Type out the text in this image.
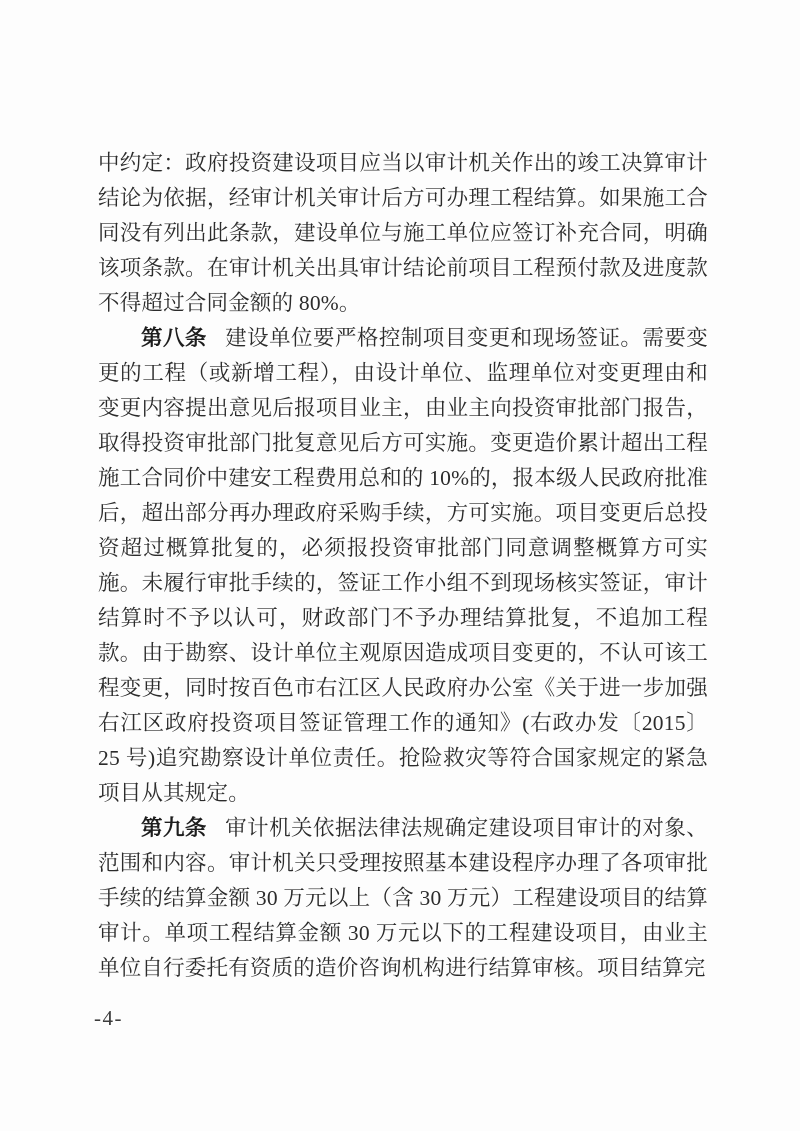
中约定：政府投资建设项目应当以审计机关作出的竣工决算审计结论为依据，经审计机关审计后方可办理工程结算。如果施工合同没有列出此条款，建设单位与施工单位应签订补充合同，明确该项条款。在审计机关出具审计结论前项目工程预付款及进度款不得超过合同金额的 80%。

第八条 建设单位要严格控制项目变更和现场签证。需要变更的工程（或新增工程），由设计单位、监理单位对变更理由和变更内容提出意见后报项目业主，由业主向投资审批部门报告，取得投资审批部门批复意见后方可实施。变更造价累计超出工程施工合同价中建安工程费用总和的 10%的，报本级人民政府批准后，超出部分再办理政府采购手续，方可实施。项目变更后总投资超过概算批复的，必须报投资审批部门同意调整概算方可实施。未履行审批手续的，签证工作小组不到现场核实签证，审计结算时不予以认可，财政部门不予办理结算批复，不追加工程款。由于勘察、设计单位主观原因造成项目变更的，不认可该工程变更，同时按百色市右江区人民政府办公室《关于进一步加强右江区政府投资项目签证管理工作的通知》(右政办发〔2015〕25 号)追究勘察设计单位责任。抢险救灾等符合国家规定的紧急项目从其规定。

第九条 审计机关依据法律法规确定建设项目审计的对象、范围和内容。审计机关只受理按照基本建设程序办理了各项审批手续的结算金额 30 万元以上（含 30 万元）工程建设项目的结算审计。单项工程结算金额 30 万元以下的工程建设项目，由业主单位自行委托有资质的造价咨询机构进行结算审核。项目结算完

-4-
